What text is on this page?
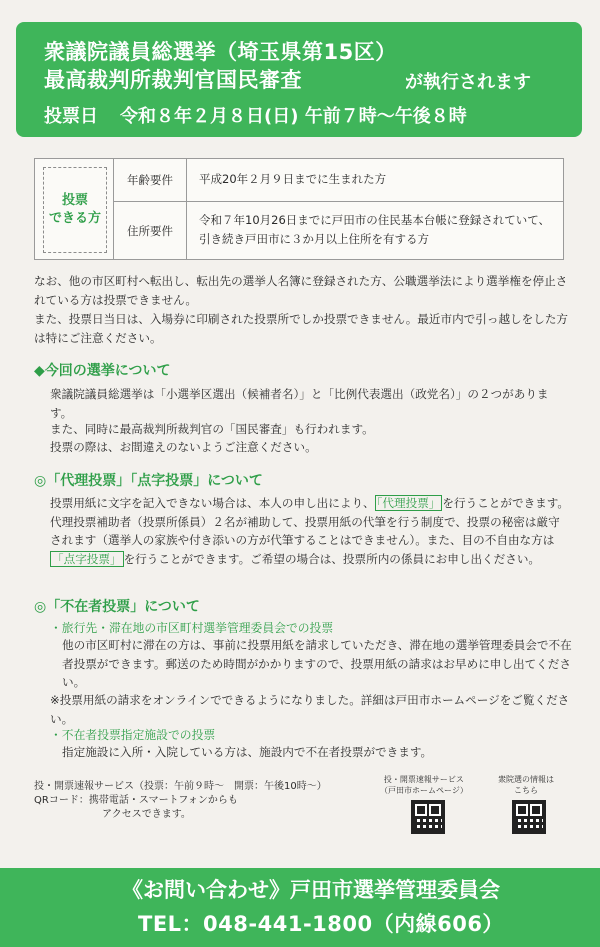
衆議院議員総選挙（埼玉県第15区）
最高裁判所裁判官国民審査	が執行されます
投票日 令和８年２月８日(日) 午前７時〜午後８時
投票
できる方
年齢要件	平成20年２月９日までに生まれた方
住所要件
令和７年10月26日までに戸田市の住民基本台帳に登録されていて、引き続き戸田市に３か月以上住所を有する方
なお、他の市区町村へ転出し、転出先の選挙人名簿に登録された方、公職選挙法により選挙権を停止されている方は投票できません。
また、投票日当日は、入場券に印刷された投票所でしか投票できません。最近市内で引っ越しをした方は特にご注意ください。
◆今回の選挙について
衆議院議員総選挙は「小選挙区選出（候補者名）」と「比例代表選出（政党名）」の２つがあります。
また、同時に最高裁判所裁判官の「国民審査」も行われます。
投票の際は、お間違えのないようご注意ください。
◎「代理投票」「点字投票」について
投票用紙に文字を記入できない場合は、本人の申し出により、 「代理投票」 を行うことができます。代理投票補助者（投票所係員）２名が補助して、投票用紙の代筆を行う制度で、投票の秘密は厳守されます（選挙人の家族や付き添いの方が代筆することはできません）。また、目の不自由な方は「点字投票」 を行うことができます。ご希望の場合は、投票所内の係員にお申し出ください。
◎「不在者投票」について
・旅行先・滞在地の市区町村選挙管理委員会での投票
他の市区町村に滞在の方は、事前に投票用紙を請求していただき、滞在地の選挙管理委員会で不在者投票ができます。郵送のため時間がかかりますので、投票用紙の請求はお早めに申し出てください。
※投票用紙の請求をオンラインでできるようになりました。詳細は戸田市ホームページをご覧ください。
・不在者投票指定施設での投票
指定施設に入所・入院している方は、施設内で不在者投票ができます。
投・開票速報サービス（投票：午前９時〜　開票：午後10時〜）
QRコード：携帯電話・スマートフォンからも
アクセスできます。
投・開票速報サービス
（戸田市ホームページ）
衆院選の情報は
こちら
《お問い合わせ》戸田市選挙管理委員会
TEL：048-441-1800（内線606）
